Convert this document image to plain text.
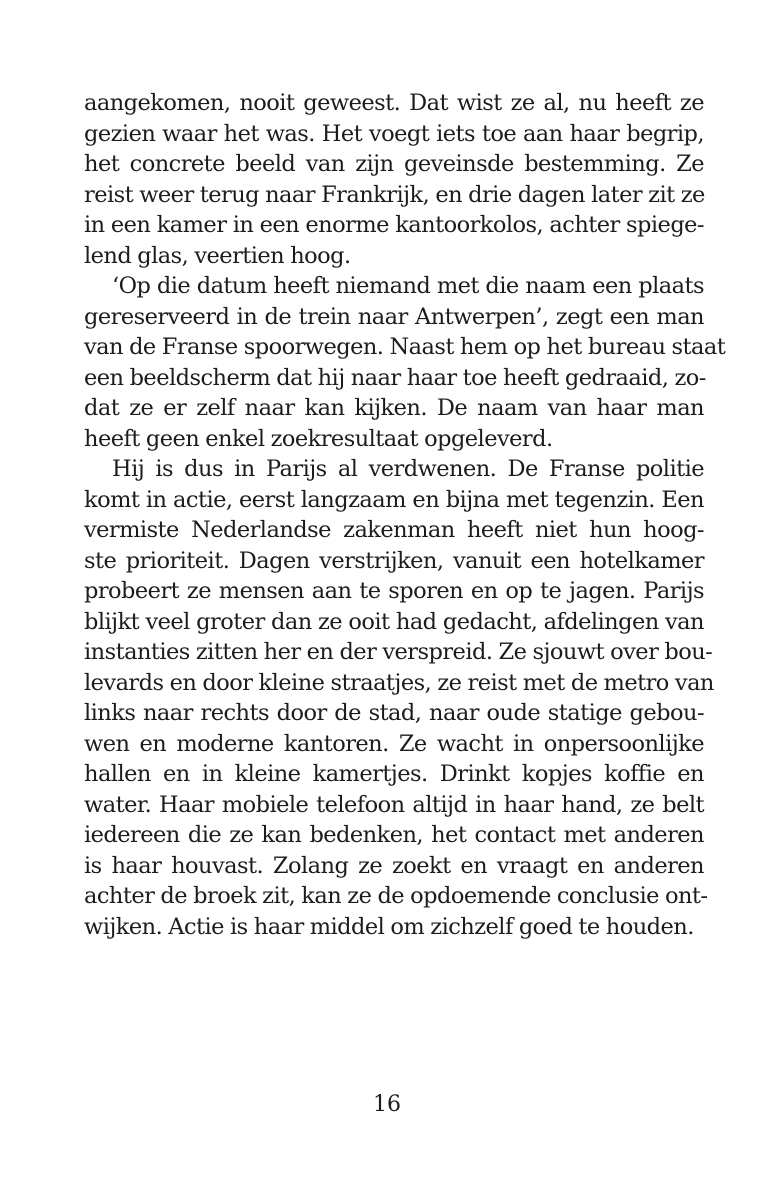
aangekomen, nooit geweest. Dat wist ze al, nu heeft ze
gezien waar het was. Het voegt iets toe aan haar begrip,
het concrete beeld van zijn geveinsde bestemming. Ze
reist weer terug naar Frankrijk, en drie dagen later zit ze
in een kamer in een enorme kantoorkolos, achter spiege-
lend glas, veertien hoog.
‘Op die datum heeft niemand met die naam een plaats
gereserveerd in de trein naar Antwerpen’, zegt een man
van de Franse spoorwegen. Naast hem op het bureau staat
een beeldscherm dat hij naar haar toe heeft gedraaid, zo-
dat ze er zelf naar kan kijken. De naam van haar man
heeft geen enkel zoekresultaat opgeleverd.
Hij is dus in Parijs al verdwenen. De Franse politie
komt in actie, eerst langzaam en bijna met tegenzin. Een
vermiste Nederlandse zakenman heeft niet hun hoog-
ste prioriteit. Dagen verstrijken, vanuit een hotelkamer
probeert ze mensen aan te sporen en op te jagen. Parijs
blijkt veel groter dan ze ooit had gedacht, afdelingen van
instanties zitten her en der verspreid. Ze sjouwt over bou-
levards en door kleine straatjes, ze reist met de metro van
links naar rechts door de stad, naar oude statige gebou-
wen en moderne kantoren. Ze wacht in onpersoonlijke
hallen en in kleine kamertjes. Drinkt kopjes koffie en
water. Haar mobiele telefoon altijd in haar hand, ze belt
iedereen die ze kan bedenken, het contact met anderen
is haar houvast. Zolang ze zoekt en vraagt en anderen
achter de broek zit, kan ze de opdoemende conclusie ont-
wijken. Actie is haar middel om zichzelf goed te houden.
16
